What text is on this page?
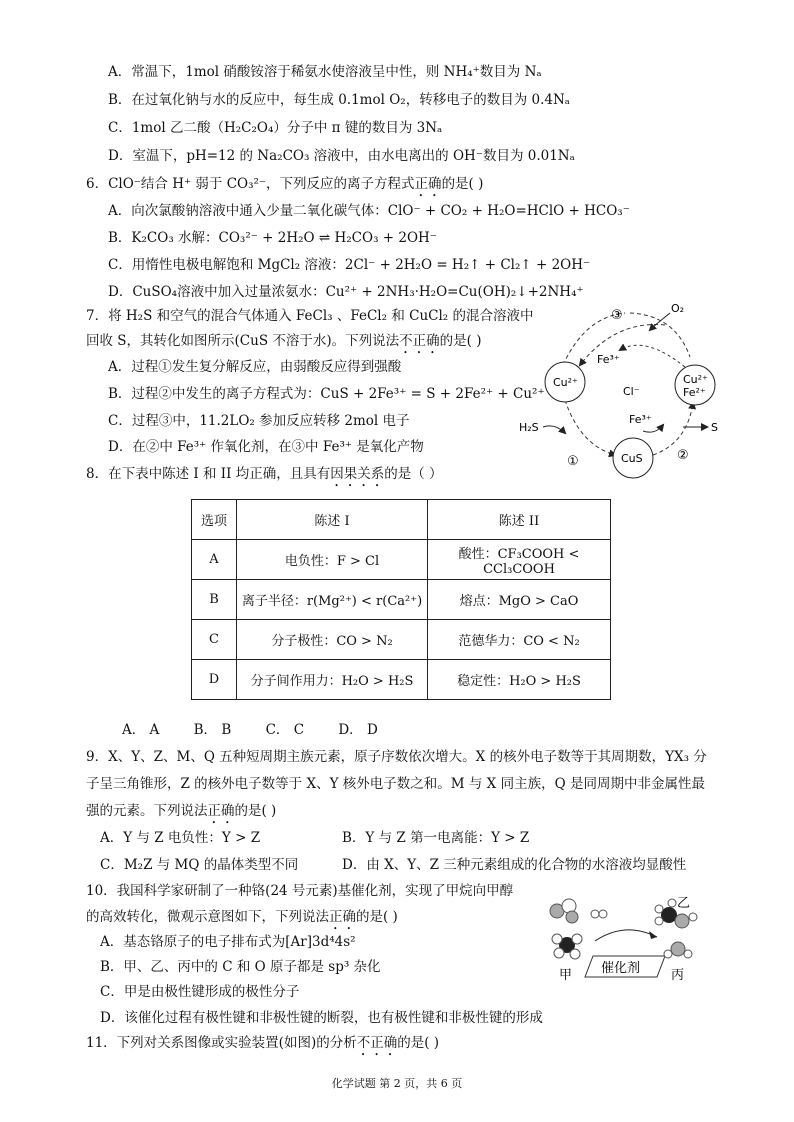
A．常温下，1mol 硝酸铵溶于稀氨水使溶液呈中性，则 NH₄⁺数目为 Nₐ
B．在过氧化钠与水的反应中，每生成 0.1mol O₂，转移电子的数目为 0.4Nₐ
C．1mol 乙二酸（H₂C₂O₄）分子中 π 键的数目为 3Nₐ
D．室温下，pH=12 的 Na₂CO₃ 溶液中，由水电离出的 OH⁻数目为 0.01Nₐ
6．ClO⁻结合 H⁺ 弱于 CO₃²⁻，下列反应的离子方程式正确的是( )
A．向次氯酸钠溶液中通入少量二氧化碳气体：ClO⁻ + CO₂ + H₂O=HClO + HCO₃⁻
B．K₂CO₃ 水解：CO₃²⁻ + 2H₂O ⇌ H₂CO₃ + 2OH⁻
C．用惰性电极电解饱和 MgCl₂ 溶液：2Cl⁻ + 2H₂O = H₂↑ + Cl₂↑ + 2OH⁻
D．CuSO₄溶液中加入过量浓氨水：Cu²⁺ + 2NH₃·H₂O=Cu(OH)₂↓+2NH₄⁺
7．将 H₂S 和空气的混合气体通入 FeCl₃ 、FeCl₂ 和 CuCl₂ 的混合溶液中
回收 S，其转化如图所示(CuS 不溶于水)。下列说法不正确的是( )
A．过程①发生复分解反应，由弱酸反应得到强酸
B．过程②中发生的离子方程式为：CuS + 2Fe³⁺ = S + 2Fe²⁺ + Cu²⁺
C．过程③中，11.2LO₂ 参加反应转移 2mol 电子
D．在②中 Fe³⁺ 作氧化剂，在③中 Fe³⁺ 是氧化产物
③	O₂
Fe³⁺
Cu²⁺
Cl⁻
Cu²⁺
Fe²⁺
H₂S
Fe³⁺
S
①	CuS	②
8．在下表中陈述 I 和 II 均正确，且具有因果关系的是（ ）
选项	陈述 I	陈述 II
A	电负性：F > Cl	酸性：CF₃COOH < CCl₃COOH
B	离子半径：r(Mg²⁺) < r(Ca²⁺)	熔点：MgO > CaO
C	分子极性：CO > N₂	范德华力：CO < N₂
D	分子间作用力：H₂O > H₂S	稳定性：H₂O > H₂S
A． A        B． B        C． C        D． D
9．X、Y、Z、M、Q 五种短周期主族元素，原子序数依次增大。X 的核外电子数等于其周期数，YX₃ 分
子呈三角锥形，Z 的核外电子数等于 X、Y 核外电子数之和。M 与 X 同主族，Q 是同周期中非金属性最
强的元素。下列说法正确的是( )
A．Y 与 Z 电负性：Y > Z	B．Y 与 Z 第一电离能：Y > Z
C．M₂Z 与 MQ 的晶体类型不同	D．由 X、Y、Z 三种元素组成的化合物的水溶液均显酸性
10．我国科学家研制了一种铬(24 号元素)基催化剂，实现了甲烷向甲醇
的高效转化，微观示意图如下，下列说法正确的是( )
A．基态铬原子的电子排布式为[Ar]3d⁴4s²
B．甲、乙、丙中的 C 和 O 原子都是 sp³ 杂化
C．甲是由极性键形成的极性分子
D．该催化过程有极性键和非极性键的断裂，也有极性键和非极性键的形成
甲 催化剂
乙
丙
11．下列对关系图像或实验装置(如图)的分析不正确的是( )
化学试题 第 2 页，共 6 页
